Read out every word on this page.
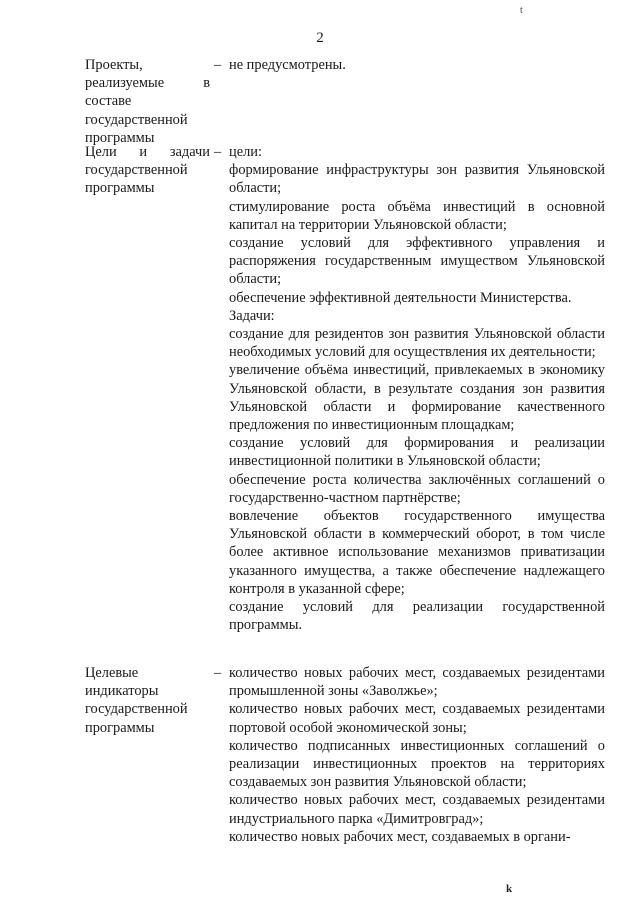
t
2
Проекты, реализуемые в составе государственной программы
– не предусмотрены.
Цели и задачи государственной программы
– цели:
формирование инфраструктуры зон развития Ульяновской области;
стимулирование роста объёма инвестиций в основной капитал на территории Ульяновской области;
создание условий для эффективного управления и распоряжения государственным имуществом Ульяновской области;
обеспечение эффективной деятельности Министерства.
Задачи:
создание для резидентов зон развития Ульяновской области необходимых условий для осуществления их деятельности;
увеличение объёма инвестиций, привлекаемых в экономику Ульяновской области, в результате создания зон развития Ульяновской области и формирование качественного предложения по инвестиционным площадкам;
создание условий для формирования и реализации инвестиционной политики в Ульяновской области;
обеспечение роста количества заключённых соглашений о государственно-частном партнёрстве;
вовлечение объектов государственного имущества Ульяновской области в коммерческий оборот, в том числе более активное использование механизмов приватизации указанного имущества, а также обеспечение надлежащего контроля в указанной сфере;
создание условий для реализации государственной программы.
Целевые индикаторы государственной программы
– количество новых рабочих мест, создаваемых резидентами промышленной зоны «Заволжье»;
количество новых рабочих мест, создаваемых резидентами портовой особой экономической зоны;
количество подписанных инвестиционных соглашений о реализации инвестиционных проектов на территориях создаваемых зон развития Ульяновской области;
количество новых рабочих мест, создаваемых резидентами индустриального парка «Димитровград»;
количество новых рабочих мест, создаваемых в органи-
k
